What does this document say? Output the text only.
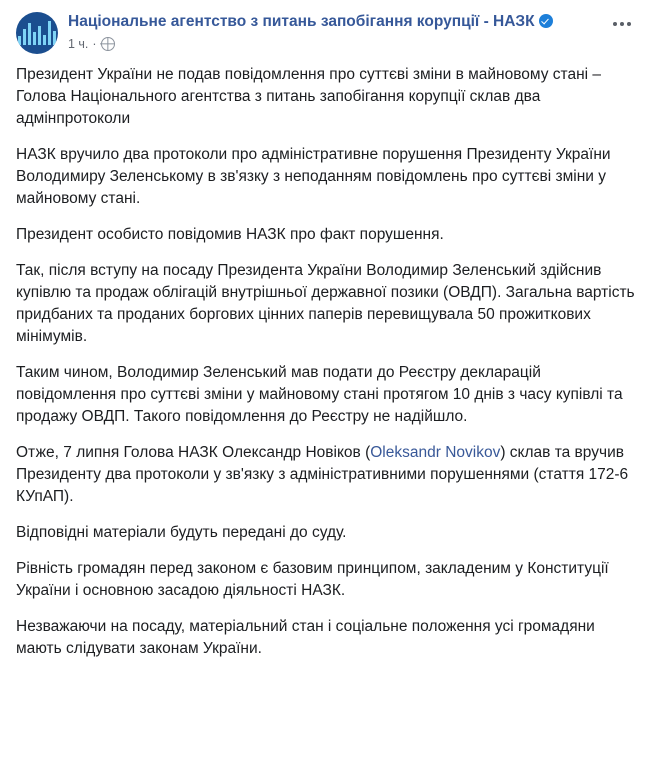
Національне агентство з питань запобігання корупції - НАЗК
1 ч. ·

Президент України не подав повідомлення про суттєві зміни в майновому стані – Голова Національного агентства з питань запобігання корупції склав два адмінпротоколи

НАЗК вручило два протоколи про адміністративне порушення Президенту України Володимиру Зеленському в зв'язку з неподанням повідомлень про суттєві зміни у майновому стані.

Президент особисто повідомив НАЗК про факт порушення.

Так, після вступу на посаду Президента України Володимир Зеленський здійснив купівлю та продаж облігацій внутрішньої державної позики (ОВДП). Загальна вартість придбаних та проданих боргових цінних паперів перевищувала 50 прожиткових мінімумів.

Таким чином, Володимир Зеленський мав подати до Реєстру декларацій повідомлення про суттєві зміни у майновому стані протягом 10 днів з часу купівлі та продажу ОВДП. Такого повідомлення до Реєстру не надійшло.

Отже, 7 липня Голова НАЗК Олександр Новіков (Oleksandr Novikov) склав та вручив Президенту два протоколи у зв'язку з адміністративними порушеннями (стаття 172-6 КУпАП).

Відповідні матеріали будуть передані до суду.

Рівність громадян перед законом є базовим принципом, закладеним у Конституції України і основною засадою діяльності НАЗК.

Незважаючи на посаду, матеріальний стан і соціальне положення усі громадяни мають слідувати законам України.
